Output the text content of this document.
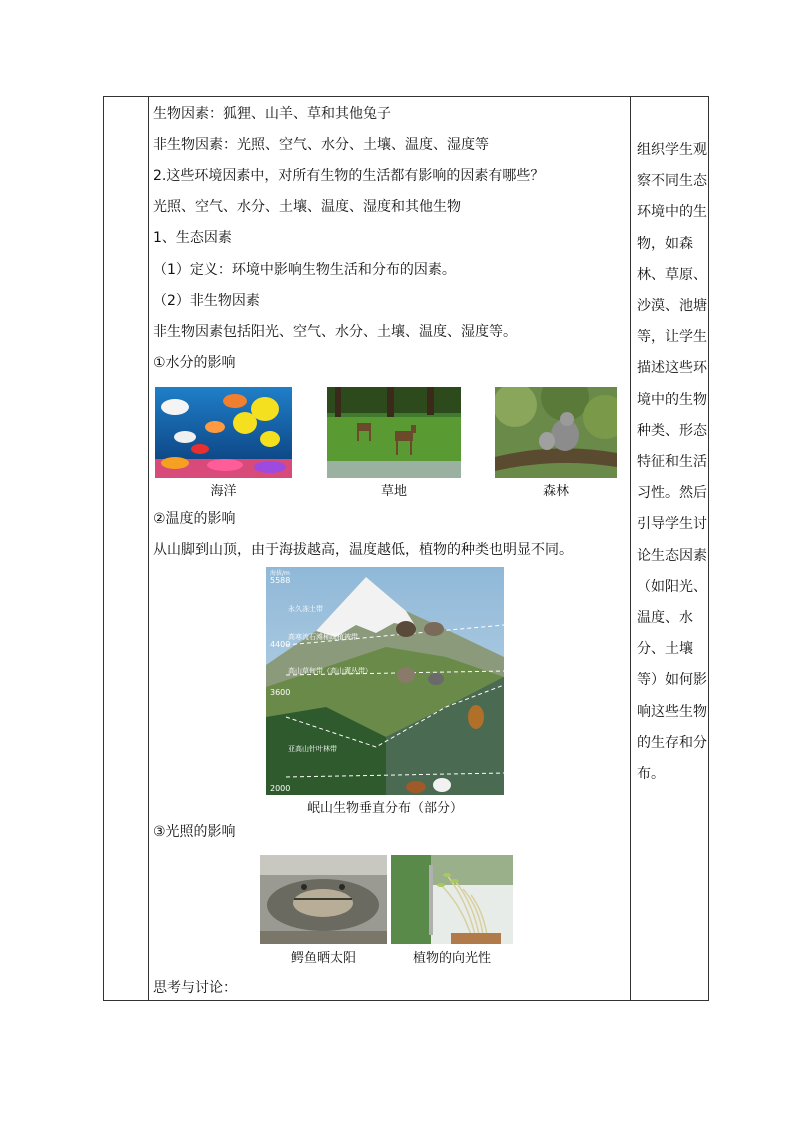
生物因素：狐狸、山羊、草和其他兔子
非生物因素：光照、空气、水分、土壤、温度、湿度等
2.这些环境因素中，对所有生物的生活都有影响的因素有哪些？
光照、空气、水分、土壤、温度、湿度和其他生物
1、生态因素
（1）定义：环境中影响生物生活和分布的因素。
（2）非生物因素
非生物因素包括阳光、空气、水分、土壤、温度、湿度等。
①水分的影响
海洋	草地	森林
②温度的影响
从山脚到山顶，由于海拔越高，温度越低，植物的种类也明显不同。
海拔/m
5588
4400
3600
2000
永久冻土带
高寒流石滩稀疏植被带
高山草甸带（高山灌丛带）
亚高山针叶林带
岷山生物垂直分布（部分）
③光照的影响
鳄鱼晒太阳	植物的向光性
思考与讨论：
组织学生观
察不同生态
环境中的生
物，如森
林、草原、
沙漠、池塘
等，让学生
描述这些环
境中的生物
种类、形态
特征和生活
习性。然后
引导学生讨
论生态因素
（如阳光、
温度、水
分、土壤
等）如何影
响这些生物
的生存和分
布。
